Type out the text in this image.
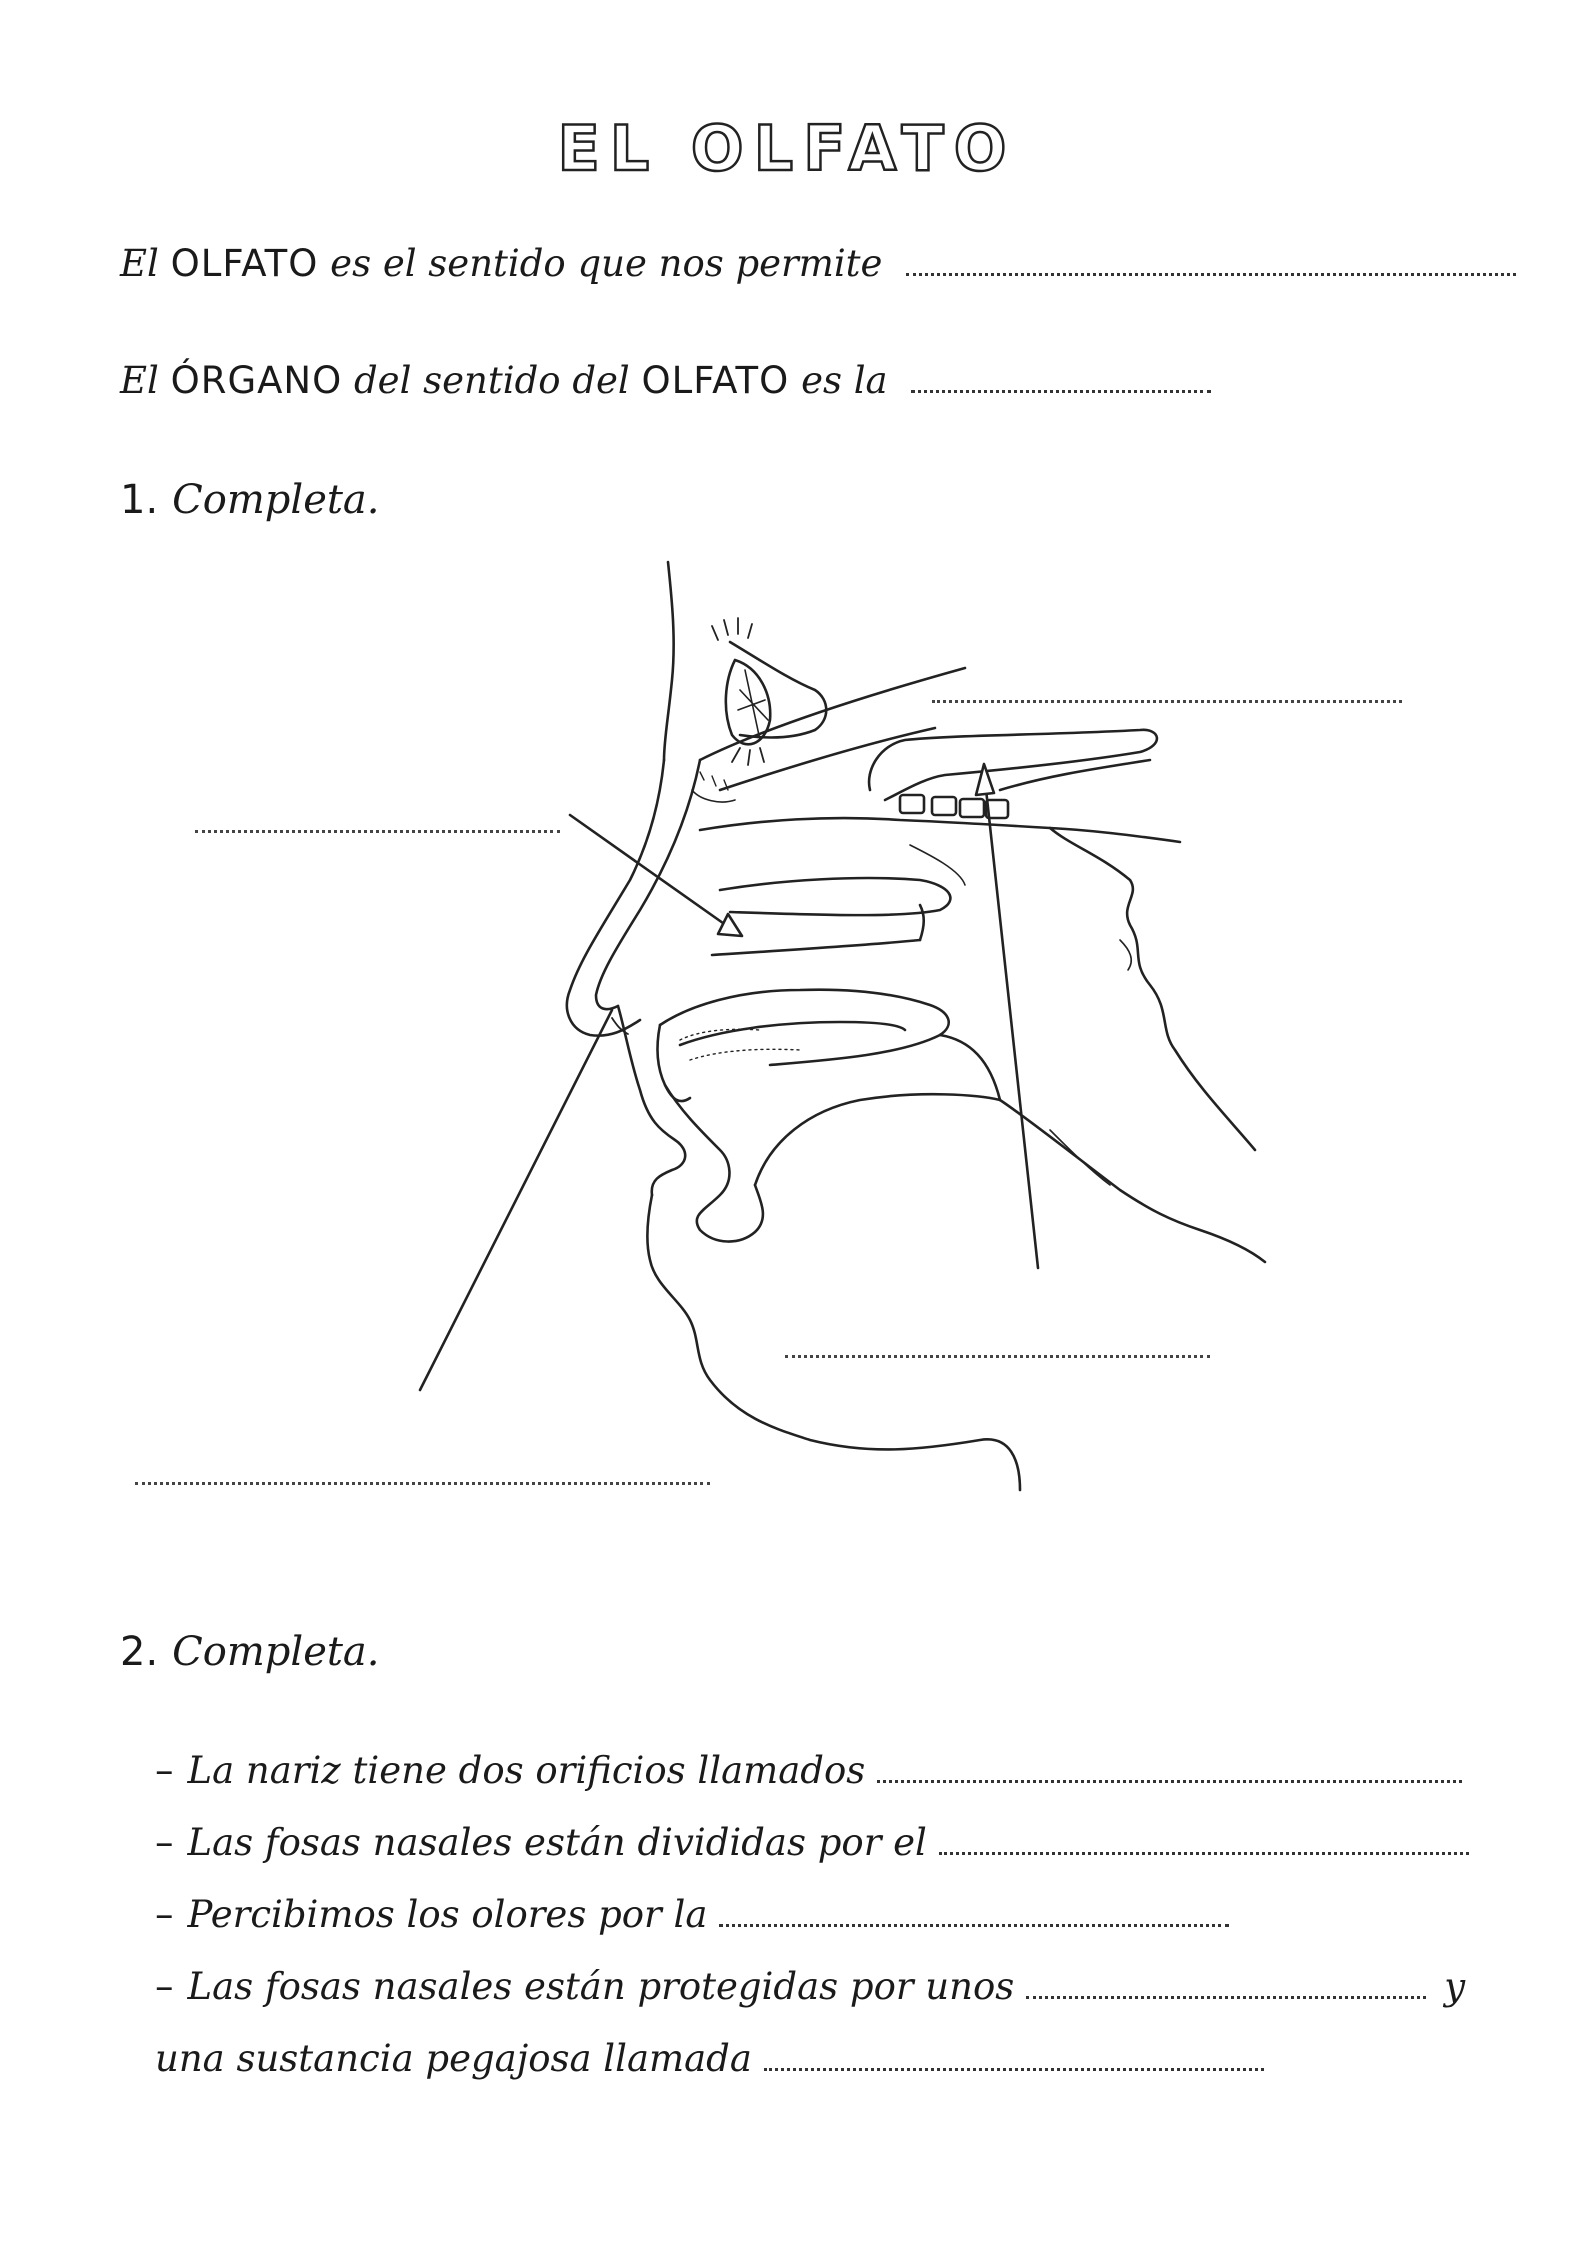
EL OLFATO
El OLFATO es el sentido que nos permite
El ÓRGANO del sentido del OLFATO es la
1. Completa.
2. Completa.
– La nariz tiene dos orificios llamados
– Las fosas nasales están divididas por el
– Percibimos los olores por la
– Las fosas nasales están protegidas por unos	y
una sustancia pegajosa llamada
